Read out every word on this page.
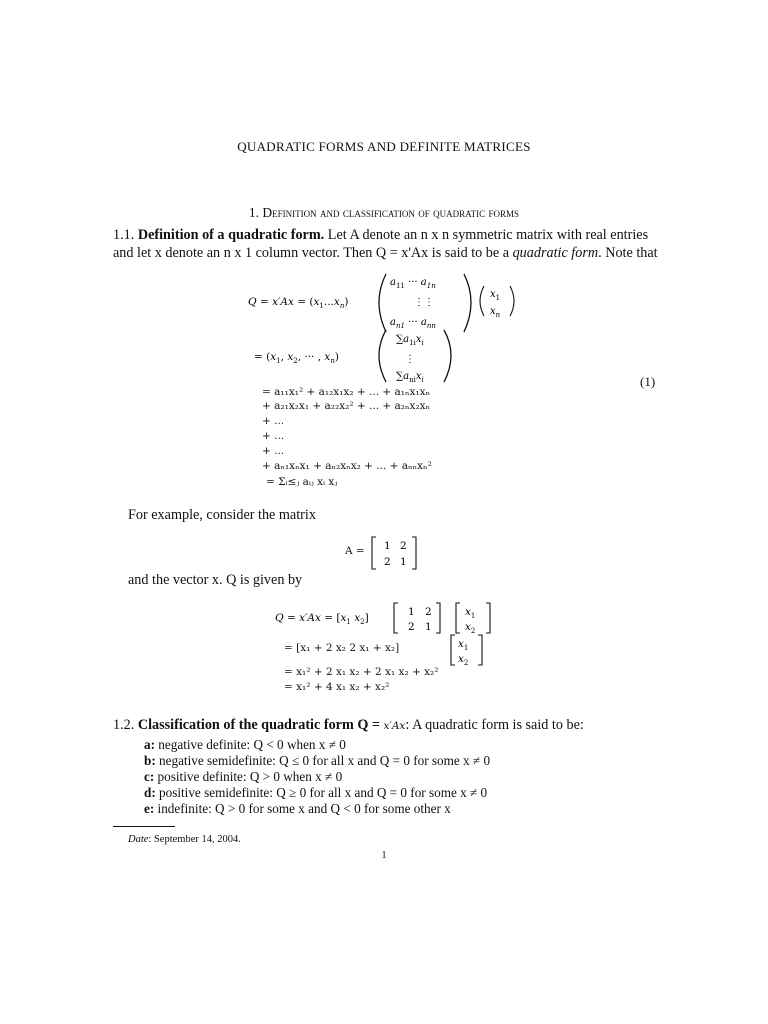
QUADRATIC FORMS AND DEFINITE MATRICES
1. Definition and classification of quadratic forms
1.1. Definition of a quadratic form. Let A denote an n x n symmetric matrix with real entries and let x denote an n x 1 column vector. Then Q = x'Ax is said to be a quadratic form. Note that
$Q = x'Ax = (x_1...x_n)$
$a_{11}$ ··· $a_{1n}$
⋮⋮
$a_{n1}$ ··· $a_{nn}$
$x_1$
$x_n$
= ($x_1$, $x_2$, ··· , $x_n$)
$\sum a_{1i}x_i$
⋮
$\sum a_{ni}x_i$	(1)
= a₁₁x₁² + a₁₂x₁x₂ + ... + a₁ₙx₁xₙ
+ a₂₁x₂x₁ + a₂₂x₂² + ... + a₂ₙx₂xₙ
+ ...
+ ...
+ ...
+ aₙ₁xₙx₁ + aₙ₂xₙx₂ + ... + aₙₙxₙ²
= Σᵢ≤ⱼ aᵢⱼ xᵢ xⱼ
For example, consider the matrix
A = 1 2
2 1
and the vector x. Q is given by
$Q = x'Ax = [x_1$ $x_2$]	1 2
2 1
$x_1$
$x_2$
$x_1$
$x_2$
= [x₁ + 2 x₂ 2 x₁ + x₂]
= x₁² + 2 x₁ x₂ + 2 x₁ x₂ + x₂²
= x₁² + 4 x₁ x₂ + x₂²
1.2. Classification of the quadratic form Q = x′Ax: A quadratic form is said to be:
a: negative definite: Q < 0 when x ≠ 0
b: negative semidefinite: Q ≤ 0 for all x and Q = 0 for some x ≠ 0
c: positive definite: Q > 0 when x ≠ 0
d: positive semidefinite: Q ≥ 0 for all x and Q = 0 for some x ≠ 0
e: indefinite: Q > 0 for some x and Q < 0 for some other x
Date: September 14, 2004.
1
